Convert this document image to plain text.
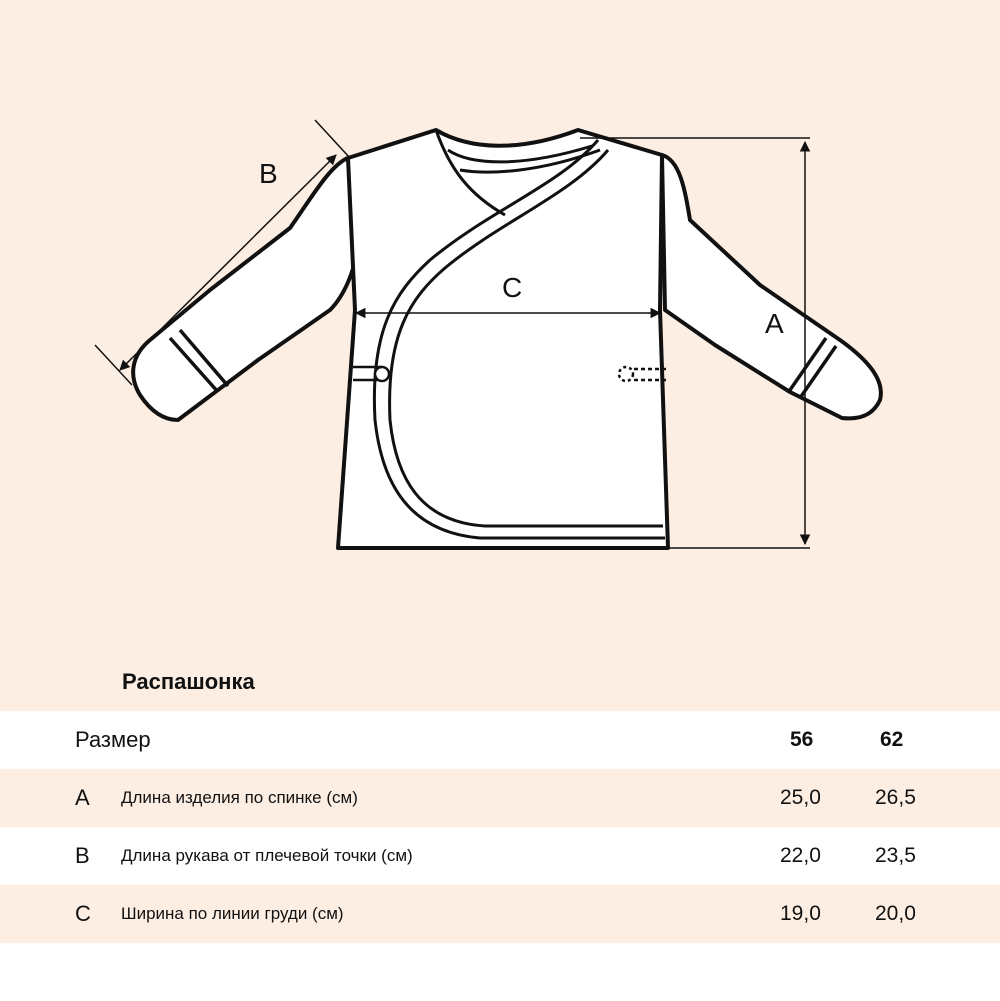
A
B
C
Распашонка
Размер	56	62
A Длина изделия по спинке (см)	25,0	26,5
B Длина рукава от плечевой точки (см)	22,0	23,5
C Ширина по линии груди (см)	19,0	20,0
